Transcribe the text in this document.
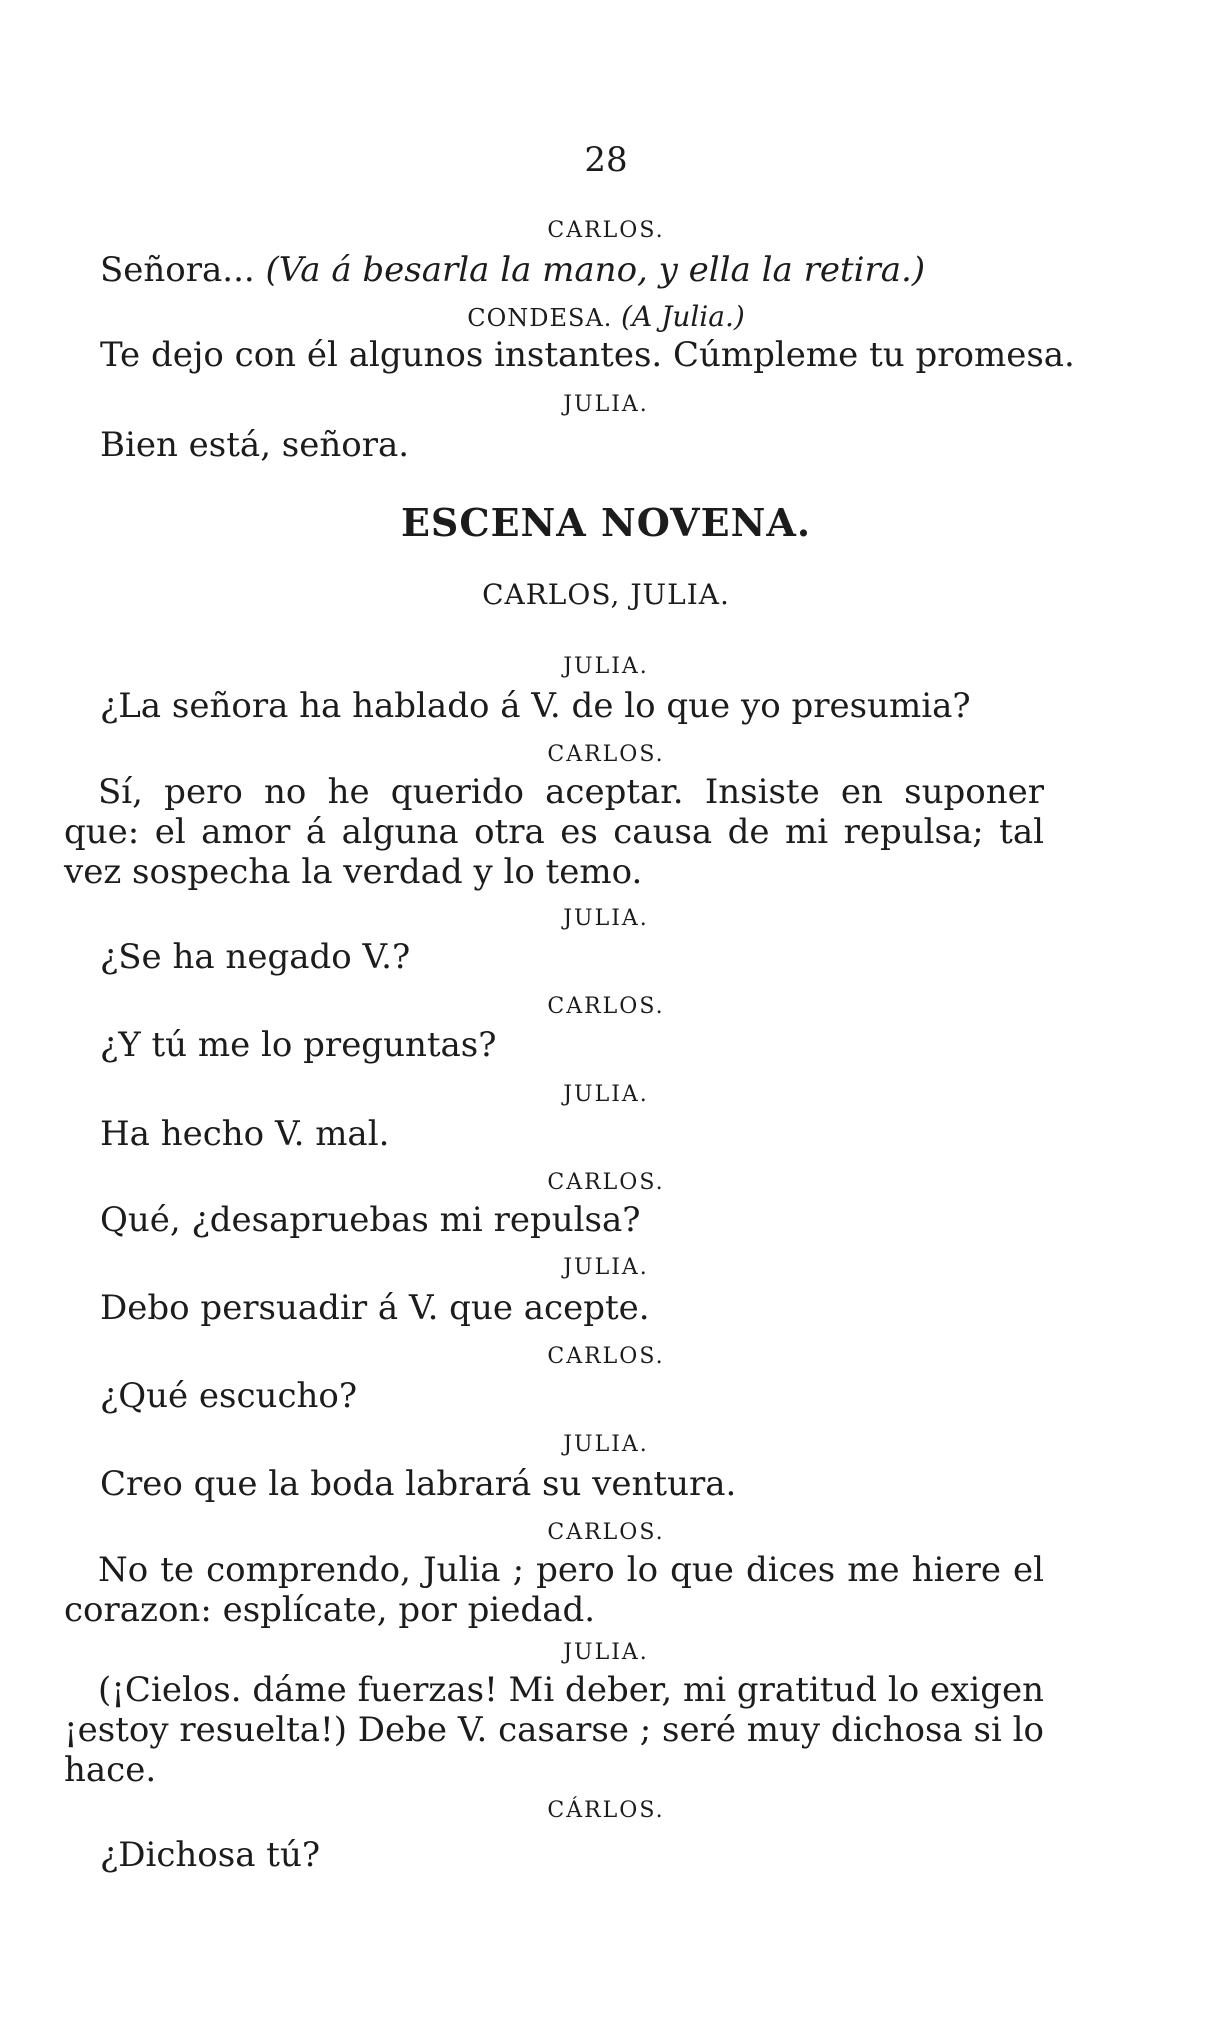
28
CARLOS.
Señora... (Va á besarla la mano, y ella la retira.)
CONDESA. (A Julia.)
Te dejo con él algunos instantes. Cúmpleme tu promesa.
JULIA.
Bien está, señora.
ESCENA NOVENA.
CARLOS, JULIA.
JULIA.
¿La señora ha hablado á V. de lo que yo presumia?
CARLOS.
Sí, pero no he querido aceptar. Insiste en suponer que: el amor á alguna otra es causa de mi repulsa; tal vez sospecha la verdad y lo temo.
JULIA.
¿Se ha negado V.?
CARLOS.
¿Y tú me lo preguntas?
JULIA.
Ha hecho V. mal.
CARLOS.
Qué, ¿desapruebas mi repulsa?
JULIA.
Debo persuadir á V. que acepte.
CARLOS.
¿Qué escucho?
JULIA.
Creo que la boda labrará su ventura.
CARLOS.
No te comprendo, Julia ; pero lo que dices me hiere el corazon: esplícate, por piedad.
JULIA.
(¡Cielos. dáme fuerzas! Mi deber, mi gratitud lo exigen ¡estoy resuelta!) Debe V. casarse ; seré muy dichosa si lo hace.
CÁRLOS.
¿Dichosa tú?
